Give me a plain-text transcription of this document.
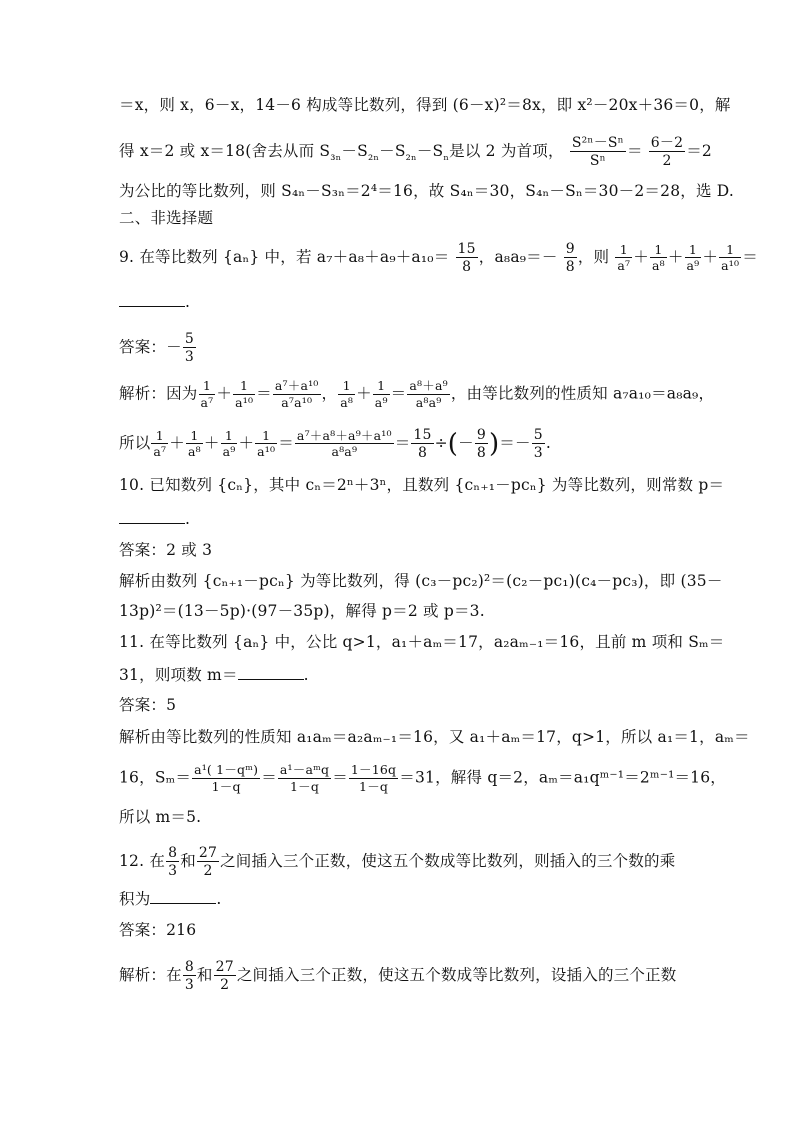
＝x，则 x，6－x，14－6 构成等比数列，得到 (6－x)²＝8x，即 x²－20x＋36＝0，解
得 x＝2 或 x＝18(舍去从而 $S_{_{3n}}-S_{_{2n}}-S_{_{2n}}-S_{_n}$是以 2 为首项， $\frac{\text{S²ⁿ－Sⁿ}}{\text{Sⁿ}} = \frac{6-2}{2} =2$
为公比的等比数列，则 S₄ₙ－S₃ₙ＝2⁴＝16，故 S₄ₙ＝30，S₄ₙ－Sₙ＝30－2＝28，选 D.
二、非选择题
9. 在等比数列 {aₙ} 中，若 $a_7+a_8+a_9+a_{10}= \frac{15}{8}$ ，$a_8a_9=- \frac{9}{8}$ ，则 $\frac{1}{\text{a⁷}} + \frac{1}{\text{a⁸}} + \frac{1}{\text{a⁹}} + \frac{1}{\text{a¹⁰}}$ ＝
.
答案：－ $\frac{5}{3}$
解析：因为 $\frac{1}{\text{a⁷}} + \frac{1}{\text{a¹⁰}} = \frac{\text{a⁷＋a¹⁰}}{\text{a⁷a¹⁰}}$ ， $\frac{1}{\text{a⁸}} + \frac{1}{\text{a⁹}} = \frac{\text{a⁸＋a⁹}}{\text{a⁸a⁹}}$ ，由等比数列的性质知 a₇a₁₀＝a₈a₉，
所以 $\frac{1}{\text{a⁷}} + \frac{1}{\text{a⁸}} + \frac{1}{\text{a⁹}} + \frac{1}{\text{a¹⁰}} = \frac{\text{a⁷＋a⁸＋a⁹＋a¹⁰}}{\text{a⁸a⁹}} = \frac{15}{8}$ ÷(－ $\frac{9}{8}$ )＝－ $\frac{5}{3}$ .
10. 已知数列 {cₙ}，其中 cₙ＝2ⁿ＋3ⁿ，且数列 {cₙ₊₁－pcₙ} 为等比数列，则常数 p＝
.
答案：2 或 3
解析由数列 {cₙ₊₁－pcₙ} 为等比数列，得 (c₃－pc₂)²＝(c₂－pc₁)(c₄－pc₃)，即 (35－
13p)²＝(13－5p)·(97－35p)，解得 p＝2 或 p＝3.
11. 在等比数列 {aₙ} 中，公比 q>1，a₁＋aₘ＝17，a₂aₘ₋₁＝16，且前 m 项和 Sₘ＝
31，则项数 m＝	.
答案：5
解析由等比数列的性质知 a₁aₘ＝a₂aₘ₋₁＝16，又 a₁＋aₘ＝17，q>1，所以 a₁＝1，aₘ＝
16，$S_m= \frac{\text{a¹( 1－qᵐ)}}{1-q} = \frac{\text{a¹－aᵐq}}{1-q} = \frac{1-16q}{1-q} =31$，解得 q＝2，aₘ＝a₁qᵐ⁻¹＝2ᵐ⁻¹＝16，
所以 m＝5.
12. 在 $\frac{8}{3}$ 和 $\frac{27}{2}$ 之间插入三个正数，使这五个数成等比数列，则插入的三个数的乘
积为	.
答案：216
解析：在 $\frac{8}{3}$ 和 $\frac{27}{2}$ 之间插入三个正数，使这五个数成等比数列，设插入的三个正数
